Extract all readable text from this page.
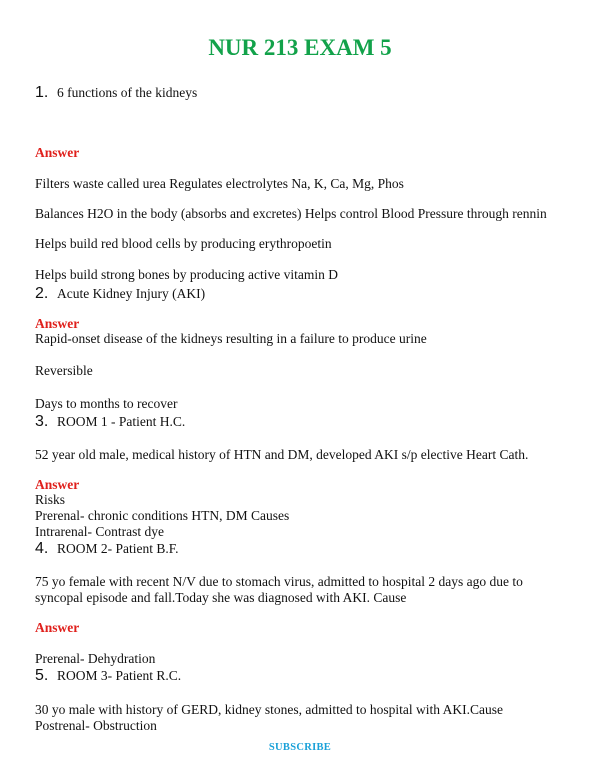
NUR 213 EXAM 5
1. 6 functions of the kidneys
Answer
Filters waste called urea Regulates electrolytes Na, K, Ca, Mg, Phos
Balances H2O in the body (absorbs and excretes) Helps control Blood Pressure through rennin
Helps build red blood cells by producing erythropoetin
Helps build strong bones by producing active vitamin D
2. Acute Kidney Injury (AKI)
Answer
Rapid-onset disease of the kidneys resulting in a failure to produce urine
Reversible
Days to months to recover
3. ROOM 1 - Patient H.C.
52 year old male, medical history of HTN and DM, developed AKI s/p elective Heart Cath.
Answer
Risks
Prerenal- chronic conditions HTN, DM Causes
Intrarenal- Contrast dye
4. ROOM 2- Patient B.F.
75 yo female with recent N/V due to stomach virus, admitted to hospital 2 days ago due to
syncopal episode and fall.Today she was diagnosed with AKI. Cause
Answer
Prerenal- Dehydration
5. ROOM 3- Patient R.C.
30 yo male with history of GERD, kidney stones, admitted to hospital with AKI.Cause
Postrenal- Obstruction
SUBSCRIBE
